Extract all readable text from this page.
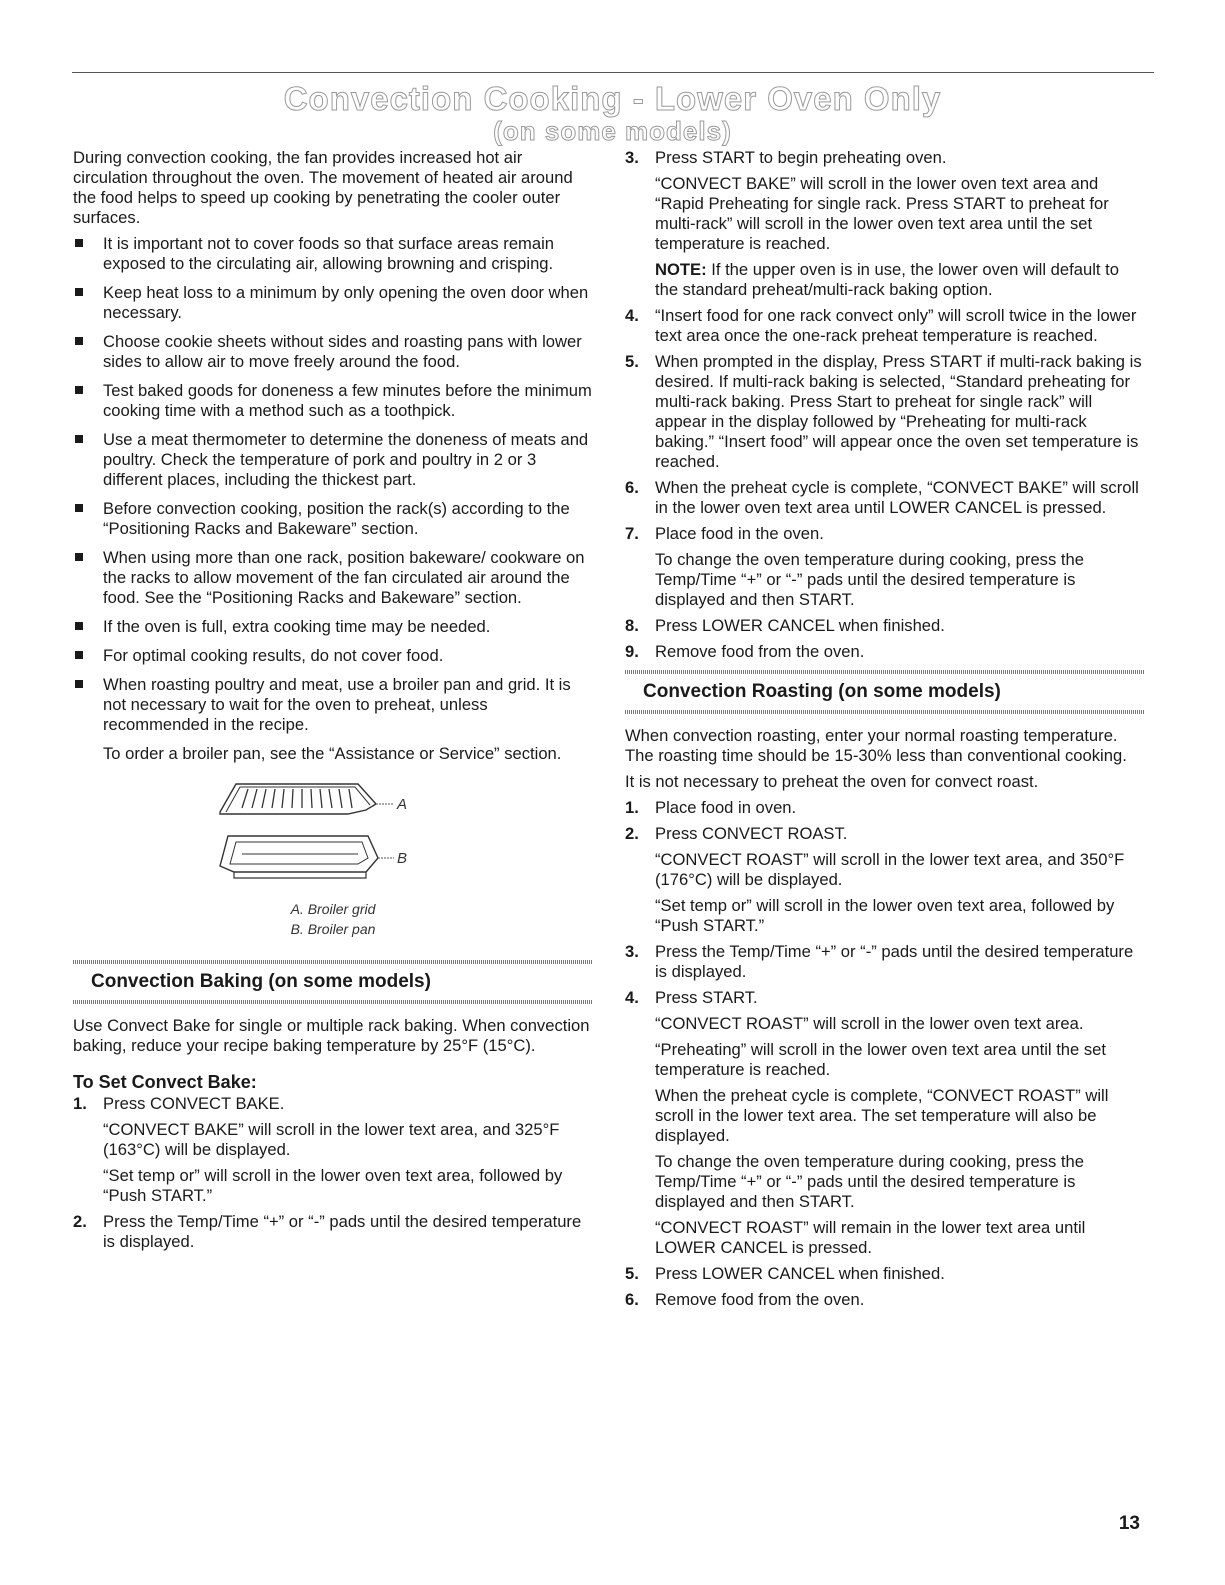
Convection Cooking - Lower Oven Only
(on some models)

During convection cooking, the fan provides increased hot air circulation throughout the oven. The movement of heated air around the food helps to speed up cooking by penetrating the cooler outer surfaces.

It is important not to cover foods so that surface areas remain exposed to the circulating air, allowing browning and crisping.
Keep heat loss to a minimum by only opening the oven door when necessary.
Choose cookie sheets without sides and roasting pans with lower sides to allow air to move freely around the food.
Test baked goods for doneness a few minutes before the minimum cooking time with a method such as a toothpick.
Use a meat thermometer to determine the doneness of meats and poultry. Check the temperature of pork and poultry in 2 or 3 different places, including the thickest part.
Before convection cooking, position the rack(s) according to the “Positioning Racks and Bakeware” section.
When using more than one rack, position bakeware/ cookware on the racks to allow movement of the fan circulated air around the food. See the “Positioning Racks and Bakeware” section.
If the oven is full, extra cooking time may be needed.
For optimal cooking results, do not cover food.
When roasting poultry and meat, use a broiler pan and grid. It is not necessary to wait for the oven to preheat, unless recommended in the recipe.

To order a broiler pan, see the “Assistance or Service” section.

A
B
A. Broiler grid
B. Broiler pan
Convection Baking (on some models)

Use Convect Bake for single or multiple rack baking. When convection baking, reduce your recipe baking temperature by 25°F (15°C).

To Set Convect Bake:
1. Press CONVECT BAKE.

“CONVECT BAKE” will scroll in the lower text area, and 325°F (163°C) will be displayed.

“Set temp or” will scroll in the lower oven text area, followed by “Push START.”

2. Press the Temp/Time “+” or “-” pads until the desired temperature is displayed.
3. Press START to begin preheating oven.

“CONVECT BAKE” will scroll in the lower oven text area and “Rapid Preheating for single rack. Press START to preheat for multi-rack” will scroll in the lower oven text area until the set temperature is reached.

NOTE: If the upper oven is in use, the lower oven will default to the standard preheat/multi-rack baking option.

4. “Insert food for one rack convect only” will scroll twice in the lower text area once the one-rack preheat temperature is reached.
5. When prompted in the display, Press START if multi-rack baking is desired. If multi-rack baking is selected, “Standard preheating for multi-rack baking. Press Start to preheat for single rack” will appear in the display followed by “Preheating for multi-rack baking.” “Insert food” will appear once the oven set temperature is reached.
6. When the preheat cycle is complete, “CONVECT BAKE” will scroll in the lower oven text area until LOWER CANCEL is pressed.
7. Place food in the oven.

To change the oven temperature during cooking, press the Temp/Time “+” or “-” pads until the desired temperature is displayed and then START.

8. Press LOWER CANCEL when finished.
9. Remove food from the oven.
Convection Roasting (on some models)

When convection roasting, enter your normal roasting temperature. The roasting time should be 15-30% less than conventional cooking.

It is not necessary to preheat the oven for convect roast.

1. Place food in oven.
2. Press CONVECT ROAST.

“CONVECT ROAST” will scroll in the lower text area, and 350°F (176°C) will be displayed.

“Set temp or” will scroll in the lower oven text area, followed by “Push START.”

3. Press the Temp/Time “+” or “-” pads until the desired temperature is displayed.
4. Press START.

“CONVECT ROAST” will scroll in the lower oven text area.

“Preheating” will scroll in the lower oven text area until the set temperature is reached.

When the preheat cycle is complete, “CONVECT ROAST” will scroll in the lower text area. The set temperature will also be displayed.

To change the oven temperature during cooking, press the Temp/Time “+” or “-” pads until the desired temperature is displayed and then START.

“CONVECT ROAST” will remain in the lower text area until LOWER CANCEL is pressed.

5. Press LOWER CANCEL when finished.
6. Remove food from the oven.
13
